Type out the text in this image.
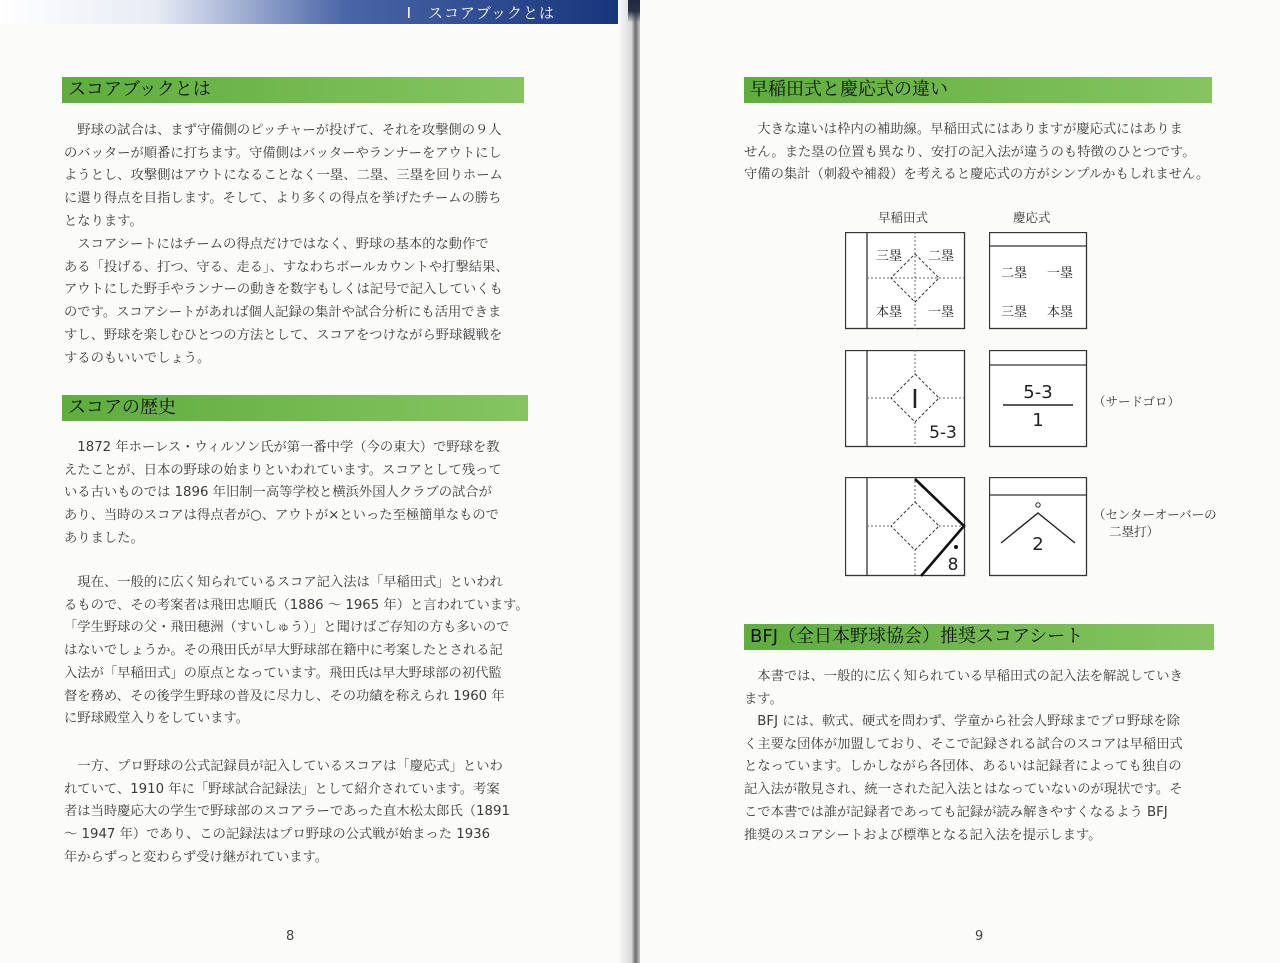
I　スコアブックとは
スコアブックとは
　野球の試合は、まず守備側のピッチャーが投げて、それを攻撃側の９人
のバッターが順番に打ちます。守備側はバッターやランナーをアウトにし
ようとし、攻撃側はアウトになることなく一塁、二塁、三塁を回りホーム
に還り得点を目指します。そして、より多くの得点を挙げたチームの勝ち
となります。
　スコアシートにはチームの得点だけではなく、野球の基本的な動作で
ある「投げる、打つ、守る、走る」、すなわちボールカウントや打撃結果、
アウトにした野手やランナーの動きを数字もしくは記号で記入していくも
のです。スコアシートがあれば個人記録の集計や試合分析にも活用できま
すし、野球を楽しむひとつの方法として、スコアをつけながら野球観戦を
するのもいいでしょう。
スコアの歴史
　1872 年ホーレス・ウィルソン氏が第一番中学（今の東大）で野球を教
えたことが、日本の野球の始まりといわれています。スコアとして残って
いる古いものでは 1896 年旧制一高等学校と横浜外国人クラブの試合が
あり、当時のスコアは得点者が○、アウトが×といった至極簡単なもので
ありました。
　現在、一般的に広く知られているスコア記入法は「早稲田式」といわれ
るもので、その考案者は飛田忠順氏（1886 ～ 1965 年）と言われています。
「学生野球の父・飛田穂洲（すいしゅう）」と聞けばご存知の方も多いので
はないでしょうか。その飛田氏が早大野球部在籍中に考案したとされる記
入法が「早稲田式」の原点となっています。飛田氏は早大野球部の初代監
督を務め、その後学生野球の普及に尽力し、その功績を称えられ 1960 年
に野球殿堂入りをしています。
　一方、プロ野球の公式記録員が記入しているスコアは「慶応式」といわ
れていて、1910 年に「野球試合記録法」として紹介されています。考案
者は当時慶応大の学生で野球部のスコアラーであった直木松太郎氏（1891
～ 1947 年）であり、この記録法はプロ野球の公式戦が始まった 1936
年からずっと変わらず受け継がれています。
8
早稲田式と慶応式の違い
　大きな違いは枠内の補助線。早稲田式にはありますが慶応式にはありま
せん。また塁の位置も異なり、安打の記入法が違うのも特徴のひとつです。
守備の集計（刺殺や補殺）を考えると慶応式の方がシンプルかもしれません。
早稲田式	慶応式
三塁 二塁
本塁 一塁
二塁 一塁
三塁 本塁
I
5-3
5-3
1
（サードゴロ）
8
2
（センターオーバーの
二塁打）
BFJ（全日本野球協会）推奨スコアシート
　本書では、一般的に広く知られている早稲田式の記入法を解説していき
ます。
　BFJ には、軟式、硬式を問わず、学童から社会人野球までプロ野球を除
く主要な団体が加盟しており、そこで記録される試合のスコアは早稲田式
となっています。しかしながら各団体、あるいは記録者によっても独自の
記入法が散見され、統一された記入法とはなっていないのが現状です。そ
こで本書では誰が記録者であっても記録が読み解きやすくなるよう BFJ
推奨のスコアシートおよび標準となる記入法を提示します。
9
